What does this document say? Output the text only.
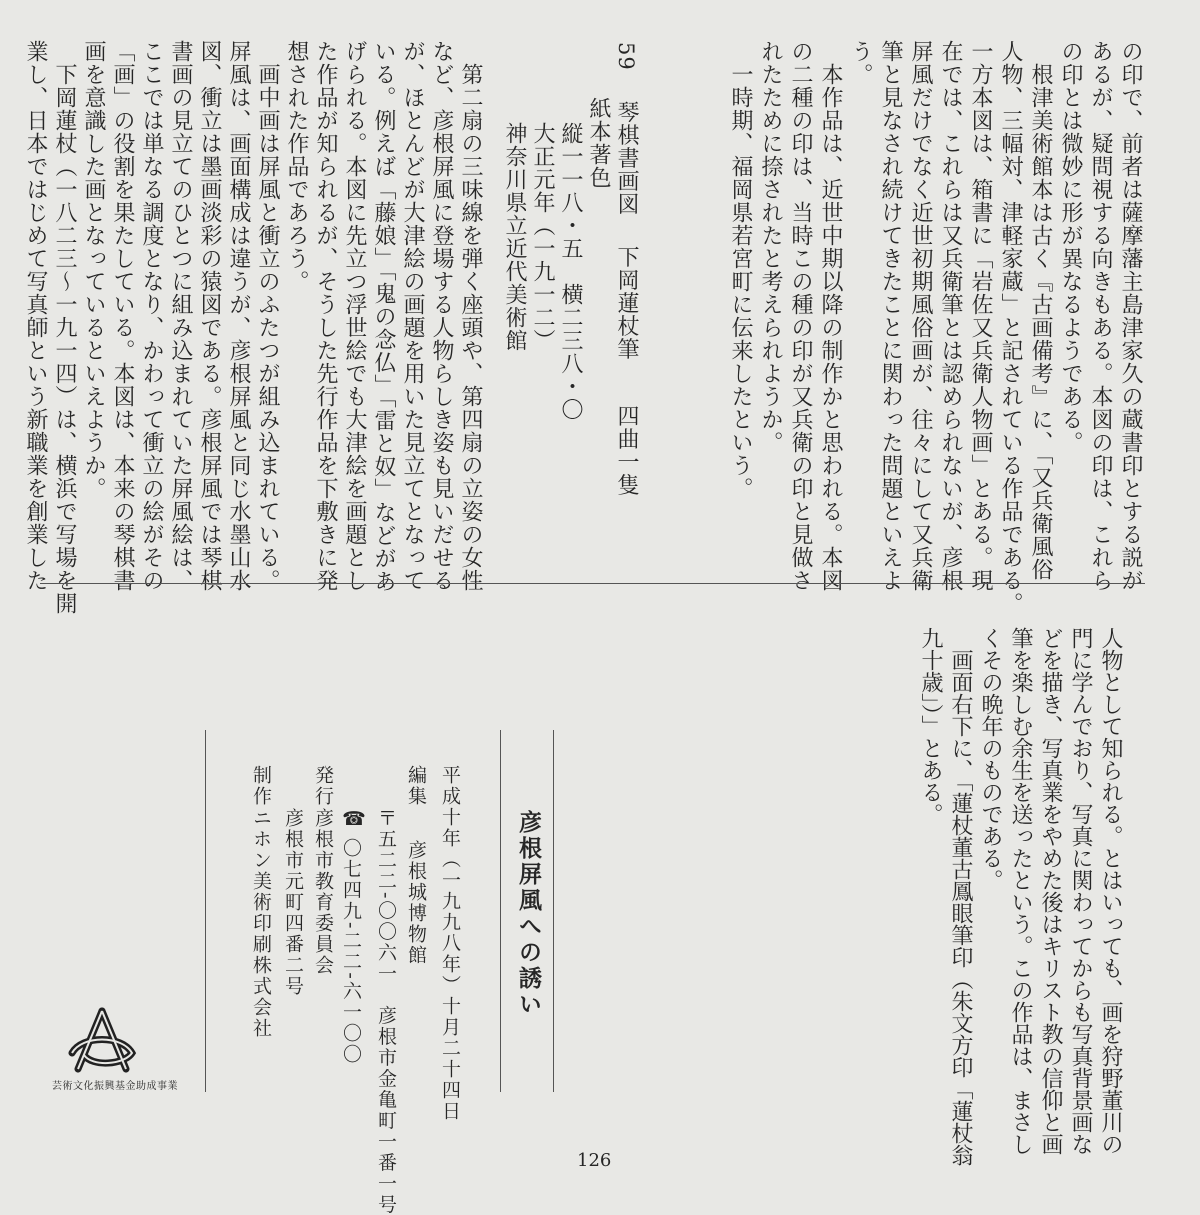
の印で、前者は薩摩藩主島津家久の蔵書印とする説が
あるが、疑問視する向きもある。本図の印は、これら
の印とは微妙に形が異なるようである。
　根津美術館本は古く『古画備考』に、「又兵衛風俗
人物、三幅対、津軽家蔵」と記されている作品である。
一方本図は、箱書に「岩佐又兵衛人物画」とある。現
在では、これらは又兵衛筆とは認められないが、彦根
屏風だけでなく近世初期風俗画が、往々にして又兵衛
筆と見なされ続けてきたことに関わった問題といえよ
う。
　本作品は、近世中期以降の制作かと思われる。本図
の二種の印は、当時この種の印が又兵衛の印と見做さ
れたために捺されたと考えられようか。
　一時期、福岡県若宮町に伝来したという。
59 琴棋書画図 下岡蓮杖筆 四曲一隻
紙本著色
縦一一八・五　横二三八・〇
大正元年（一九一二）
神奈川県立近代美術館
　第二扇の三味線を弾く座頭や、第四扇の立姿の女性
など、彦根屏風に登場する人物らしき姿も見いだせる
が、ほとんどが大津絵の画題を用いた見立てとなって
いる。例えば「藤娘」「鬼の念仏」「雷と奴」などがあ
げられる。本図に先立つ浮世絵でも大津絵を画題とし
た作品が知られるが、そうした先行作品を下敷きに発
想された作品であろう。
　画中画は屏風と衝立のふたつが組み込まれている。
屏風は、画面構成は違うが、彦根屏風と同じ水墨山水
図、衝立は墨画淡彩の猿図である。彦根屏風では琴棋
書画の見立てのひとつに組み込まれていた屏風絵は、
ここでは単なる調度となり、かわって衝立の絵がその
「画」の役割を果たしている。本図は、本来の琴棋書
画を意識した画となっているといえようか。
　下岡蓮杖（一八二三～一九一四）は、横浜で写場を開
業し、日本ではじめて写真師という新職業を創業した
人物として知られる。とはいっても、画を狩野董川の
門に学んでおり、写真に関わってからも写真背景画な
どを描き、写真業をやめた後はキリスト教の信仰と画
筆を楽しむ余生を送ったという。この作品は、まさし
くその晩年のものである。
　画面右下に、「蓮杖董古鳳眼筆印（朱文方印「蓮杖翁
九十歳」）」とある。
彦根屏風への誘い
平成十年（一九九八年）十月二十四日
編集
彦根城博物館
〒五二二-〇〇六一　彦根市金亀町一番一号
☎
〇七四九-二二-六一〇〇
発行
彦根市教育委員会
彦根市元町四番二号
制作
ニホン美術印刷株式会社
芸術文化振興基金助成事業
126
